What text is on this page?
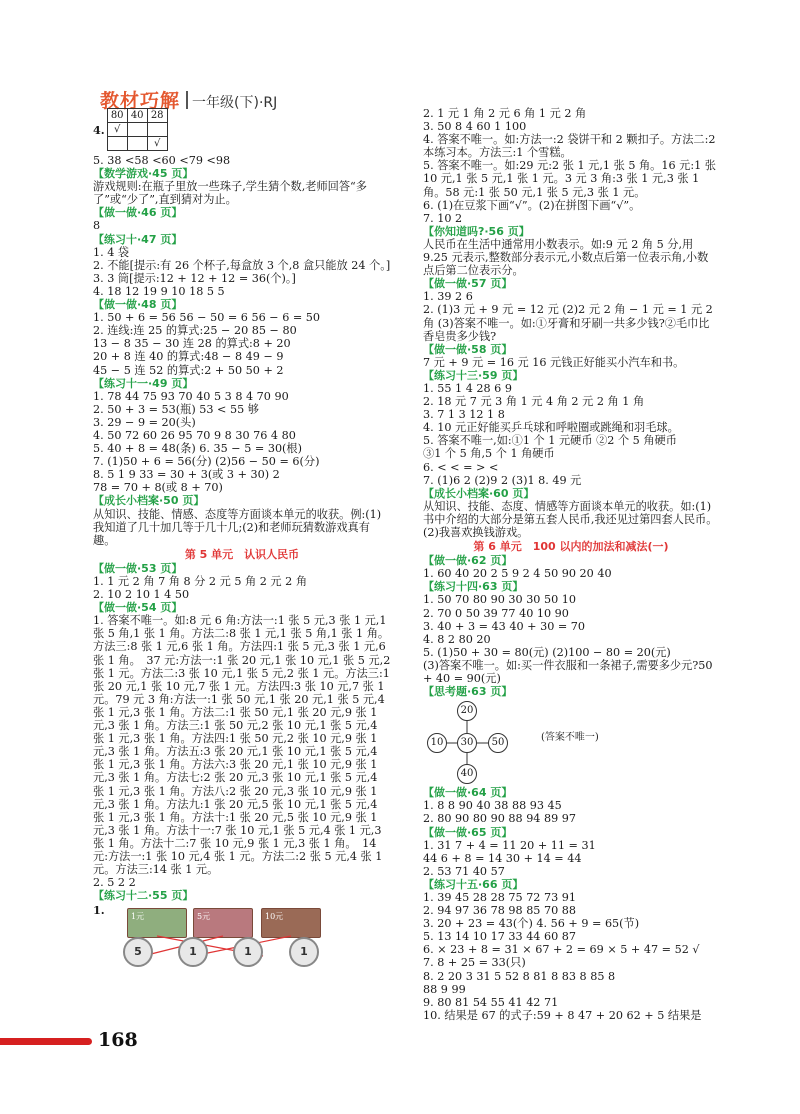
教材巧解 一年级(下)·RJ
4.
80	40	28
√		
		√
5. 38 <58 <60 <79 <98
【数学游戏·45 页】
游戏规则:在瓶子里放一些珠子,学生猜个数,老师回答“多了”或“少了”,直到猜对为止。
【做一做·46 页】
8
【练习十·47 页】
1. 4 袋
2. 不能[提示:有 26 个杯子,每盒放 3 个,8 盒只能放 24 个。]
3. 3 筒[提示:12 + 12 + 12 = 36(个)。]
4. 18 12 19 9 10 18 5 5
【做一做·48 页】
1. 50 + 6 = 56 56 − 50 = 6 56 − 6 = 50
2. 连线:连 25 的算式:25 − 20 85 − 80
13 − 8 35 − 30 连 28 的算式:8 + 20
20 + 8 连 40 的算式:48 − 8 49 − 9
45 − 5 连 52 的算式:2 + 50 50 + 2
【练习十一·49 页】
1. 78 44 75 93 70 40 5 3 8 4 70 90
2. 50 + 3 = 53(瓶) 53 < 55 够
3. 29 − 9 = 20(头)
4. 50 72 60 26 95 70 9 8 30 76 4 80
5. 40 + 8 = 48(条) 6. 35 − 5 = 30(根)
7. (1)50 + 6 = 56(分) (2)56 − 50 = 6(分)
8. 5 1 9 33 = 30 + 3(或 3 + 30) 2
78 = 70 + 8(或 8 + 70)
【成长小档案·50 页】
从知识、技能、情感、态度等方面谈本单元的收获。例:(1)我知道了几十加几等于几十几;(2)和老师玩猜数游戏真有趣。
第 5 单元　认识人民币
【做一做·53 页】
1. 1 元 2 角 7 角 8 分 2 元 5 角 2 元 2 角
2. 10 2 10 1 4 50
【做一做·54 页】
1. 答案不唯一。如:8 元 6 角:方法一:1 张 5 元,3 张 1 元,1 张 5 角,1 张 1 角。方法二:8 张 1 元,1 张 5 角,1 张 1 角。方法三:8 张 1 元,6 张 1 角。方法四:1 张 5 元,3 张 1 元,6 张 1 角。　37 元:方法一:1 张 20 元,1 张 10 元,1 张 5 元,2 张 1 元。方法二:3 张 10 元,1 张 5 元,2 张 1 元。方法三:1 张 20 元,1 张 10 元,7 张 1 元。方法四:3 张 10 元,7 张 1 元。79 元 3 角:方法一:1 张 50 元,1 张 20 元,1 张 5 元,4 张 1 元,3 张 1 角。方法二:1 张 50 元,1 张 20 元,9 张 1 元,3 张 1 角。方法三:1 张 50 元,2 张 10 元,1 张 5 元,4 张 1 元,3 张 1 角。方法四:1 张 50 元,2 张 10 元,9 张 1 元,3 张 1 角。方法五:3 张 20 元,1 张 10 元,1 张 5 元,4 张 1 元,3 张 1 角。方法六:3 张 20 元,1 张 10 元,9 张 1 元,3 张 1 角。方法七:2 张 20 元,3 张 10 元,1 张 5 元,4 张 1 元,3 张 1 角。方法八:2 张 20 元,3 张 10 元,9 张 1 元,3 张 1 角。方法九:1 张 20 元,5 张 10 元,1 张 5 元,4 张 1 元,3 张 1 角。方法十:1 张 20 元,5 张 10 元,9 张 1 元,3 张 1 角。方法十一:7 张 10 元,1 张 5 元,4 张 1 元,3 张 1 角。方法十二:7 张 10 元,9 张 1 元,3 张 1 角。　14 元:方法一:1 张 10 元,4 张 1 元。方法二:2 张 5 元,4 张 1 元。方法三:14 张 1 元。
2. 5 2 2
【练习十二·55 页】
1.	1元	5元	10元
5	1	1	1
2. 1 元 1 角 2 元 6 角 1 元 2 角
3. 50 8 4 60 1 100
4. 答案不唯一。如:方法一:2 袋饼干和 2 颗扣子。方法二:2 本练习本。方法三:1 个雪糕。
5. 答案不唯一。如:29 元:2 张 1 元,1 张 5 角。16 元:1 张 10 元,1 张 5 元,1 张 1 元。3 元 3 角:3 张 1 元,3 张 1 角。58 元:1 张 50 元,1 张 5 元,3 张 1 元。
6. (1)在豆浆下画“√”。(2)在拼图下画“√”。
7. 10 2
【你知道吗?·56 页】
人民币在生活中通常用小数表示。如:9 元 2 角 5 分,用 9.25 元表示,整数部分表示元,小数点后第一位表示角,小数点后第二位表示分。
【做一做·57 页】
1. 39 2 6
2. (1)3 元 + 9 元 = 12 元 (2)2 元 2 角 − 1 元 = 1 元 2 角 (3)答案不唯一。如:①牙膏和牙刷一共多少钱?②毛巾比香皂贵多少钱?
【做一做·58 页】
7 元 + 9 元 = 16 元 16 元钱正好能买小汽车和书。
【练习十三·59 页】
1. 55 1 4 28 6 9
2. 18 元 7 元 3 角 1 元 4 角 2 元 2 角 1 角
3. 7 1 3 12 1 8
4. 10 元正好能买乒乓球和呼啦圈或跳绳和羽毛球。
5. 答案不唯一,如:①1 个 1 元硬币 ②2 个 5 角硬币
③1 个 5 角,5 个 1 角硬币
6. < < = > <
7. (1)6 2 (2)9 2 (3)1 8. 49 元
【成长小档案·60 页】
从知识、技能、态度、情感等方面谈本单元的收获。如:(1)书中介绍的大部分是第五套人民币,我还见过第四套人民币。(2)我喜欢换钱游戏。
第 6 单元　100 以内的加法和减法(一)
【做一做·62 页】
1. 60 40 20 2 5 9 2 4 50 90 20 40
【练习十四·63 页】
1. 50 70 80 90 30 30 50 10
2. 70 0 50 39 77 40 10 90
3. 40 + 3 = 43 40 + 30 = 70
4. 8 2 80 20
5. (1)50 + 30 = 80(元) (2)100 − 80 = 20(元)
(3)答案不唯一。如:买一件衣服和一条裙子,需要多少元?50 + 40 = 90(元)
【思考题·63 页】
20
10	30	50
40
(答案不唯一)
【做一做·64 页】
1. 8 8 90 40 38 88 93 45
2. 80 90 80 90 88 94 89 97
【做一做·65 页】
1. 31 7 + 4 = 11 20 + 11 = 31
44 6 + 8 = 14 30 + 14 = 44
2. 53 71 40 57
【练习十五·66 页】
1. 39 45 28 28 75 72 73 91
2. 94 97 36 78 98 85 70 88
3. 20 + 23 = 43(个) 4. 56 + 9 = 65(节)
5. 13 14 10 17 33 44 60 87
6. × 23 + 8 = 31 × 67 + 2 = 69 × 5 + 47 = 52 √
7. 8 + 25 = 33(只)
8. 2 20 3 31 5 52 8 81 8 83 8 85 8
88 9 99
9. 80 81 54 55 41 42 71
10. 结果是 67 的式子:59 + 8 47 + 20 62 + 5 结果是
168
